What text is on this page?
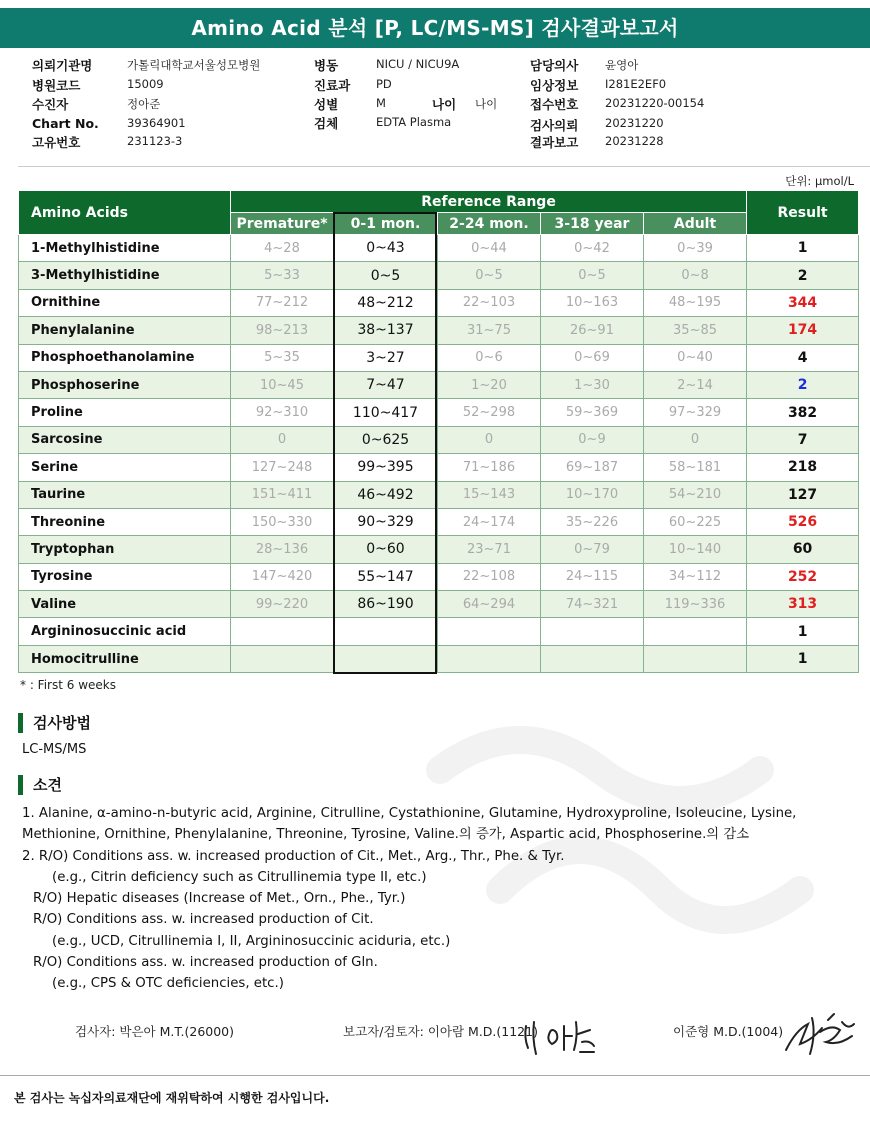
Amino Acid 분석 [P, LC/MS-MS] 검사결과보고서
의뢰기관명	가톨릭대학교서울성모병원
병원코드	15009
수진자	정아준
Chart No. 39364901
고유번호	231123-3
병동	NICU / NICU9A
진료과 PD
성별	M	나이 나이
검체	EDTA Plasma
담당의사 윤영아
임상정보 I281E2EF0
접수번호 20231220-00154
검사의뢰 20231220
결과보고 20231228
단위: μmol/L
Amino Acids	Reference Range					Result
	Premature*	0-1 mon.	2-24 mon.	3-18 year	Adult	
1-Methylhistidine	4~28	0~43	0~44	0~42	0~39	1
3-Methylhistidine	5~33	0~5	0~5	0~5	0~8	2
Ornithine	77~212	48~212	22~103	10~163	48~195	344
Phenylalanine	98~213	38~137	31~75	26~91	35~85	174
Phosphoethanolamine	5~35	3~27	0~6	0~69	0~40	4
Phosphoserine	10~45	7~47	1~20	1~30	2~14	2
Proline	92~310	110~417	52~298	59~369	97~329	382
Sarcosine	0	0~625	0	0~9	0	7
Serine	127~248	99~395	71~186	69~187	58~181	218
Taurine	151~411	46~492	15~143	10~170	54~210	127
Threonine	150~330	90~329	24~174	35~226	60~225	526
Tryptophan	28~136	0~60	23~71	0~79	10~140	60
Tyrosine	147~420	55~147	22~108	24~115	34~112	252
Valine	99~220	86~190	64~294	74~321	119~336	313
Argininosuccinic acid						1
Homocitrulline						1
* : First 6 weeks
검사방법
LC-MS/MS
소견
1. Alanine, α-amino-n-butyric acid, Arginine, Citrulline, Cystathionine, Glutamine, Hydroxyproline, Isoleucine, Lysine,
Methionine, Ornithine, Phenylalanine, Threonine, Tyrosine, Valine.의 증가, Aspartic acid, Phosphoserine.의 감소
2. R/O) Conditions ass. w. increased production of Cit., Met., Arg., Thr., Phe. & Tyr.
(e.g., Citrin deficiency such as Citrullinemia type II, etc.)
R/O) Hepatic diseases (Increase of Met., Orn., Phe., Tyr.)
R/O) Conditions ass. w. increased production of Cit.
(e.g., UCD, Citrullinemia I, II, Argininosuccinic aciduria, etc.)
R/O) Conditions ass. w. increased production of Gln.
(e.g., CPS & OTC deficiencies, etc.)
검사자: 박은아 M.T.(26000)	보고자/검토자: 이아람 M.D.(1121)	이준형 M.D.(1004)
본 검사는 녹십자의료재단에 재위탁하여 시행한 검사입니다.
